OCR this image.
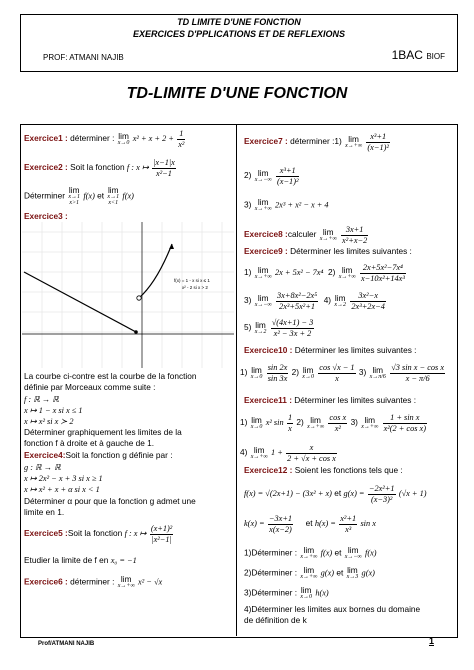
TD LIMITE D'UNE FONCTION
EXERCICES D'PPLICATIONS ET DE REFLEXIONS
PROF: ATMANI NAJIB	1BAC BIOF
TD-LIMITE D'UNE FONCTION
Exercice1 : déterminer : lim
x→0 $x^2 + x + 2 + \frac{1}{\text{x²}}$
Exercice2 : Soit la fonction f : x ↦ $\frac{|x-1|x}{\text{x²−1}}$
Déterminer lim
x→1
x>1
f(x) et lim
x→1
x<1
f(x)
Exercice3 :
f(x) = 1 - x si x ≤ 1
x² - 2 si x > 2
La courbe ci-contre est la courbe de la fonction
définie par Morceaux comme suite :
f : ℝ → ℝ
x ↦ 1 − x si x ≤ 1
x ↦ x² si x ≻ 2
Déterminer graphiquement les limites de la
fonction f à droite et à gauche de 1.
Exercice4:Soit la fonction g définie par :
g : ℝ → ℝ
x ↦ 2x² − x + 3 si x ≥ 1
x ↦ x² + x + α si x < 1
Déterminer α pour que la fonction g admet une
limite en 1.
Exercice5 :Soit la fonction f : x ↦ $\frac{\text{(x+1)²}}{\text{|x²−1|}}$
Etudier la limite de f en x₀ = −1
Exercice6 : déterminer : lim
x→+∞ x² − √x
Exercice7 : déterminer :1) lim
x→+∞
$\frac{\text{x³+1}}{\text{(x−1)²}}$
2) lim
x→−∞
$\frac{\text{x³+1}}{\text{(x−1)²}}$
3) lim
x→+∞ 2x³ + x² − x + 4
Exercice8 :calculer lim
x→+∞
$\frac{3x+1}{\text{x²+x−2}}$
Exercice9 : Déterminer les limites suivantes :
1) lim
x→+∞ 2x + 5x² − 7x⁴  2) lim
x→+∞
$\frac{\text{2x+5x²−7x⁴}}{\text{x−10x²+14x³}}$
3) lim
x→−∞
$\frac{\text{3x+8x²−2x⁵}}{\text{2x³+5x²+1}} 4$) lim
x→2
$\frac{\text{3x²−x}}{\text{2x³+2x−4}}$
5) lim
x→2
$\frac{√(4x+1) - 3}{\text{x² − 3x + 2}}$
Exercice10 : Déterminer les limites suivantes :
1) lim
x→0
$\frac{\sin 2x}{\sin 3x} 2$) lim
x→0
$\frac{\cos √x - 1}{x} 3$) lim
x→π/6
$\frac{\text{√3 sin x − cos x}}{x - \pi/6}$
Exercice11 : Déterminer les limites suivantes :
1) lim
x→0 x² $\sin \frac{1}{x} 2$) lim
x→+∞
$\frac{\text{cos x}}{\text{x²}} 3$) lim
x→+∞
$\frac{\text{1 + sin x}}{\text{x²(2 + cos x)}}$
4) lim
x→+∞ $1 + \frac{x}{\text{2 + √x + cos x}}$
Exercice12 : Soient les fonctions tels que :
f(x) = √(2x+1) − (3x² + x) et $g(x) = \frac{\text{−2x²+1}}{\text{(x−3)²}} (√x + 1)$
$k(x) = \frac{-3x+1}{x(x-2)}$ et $h(x) = \frac{\text{x²+1}}{\text{x³}}$ sin x
1)Déterminer : lim
x→+∞ f(x) et lim
x→−∞ f(x)
2)Déterminer : lim
x→+∞ g(x) et lim
x→3 g(x)
3)Déterminer : lim
x→0 h(x)
4)Déterminer les limites aux bornes du domaine
de définition de k
Prof/ATMANI NAJIB	1
